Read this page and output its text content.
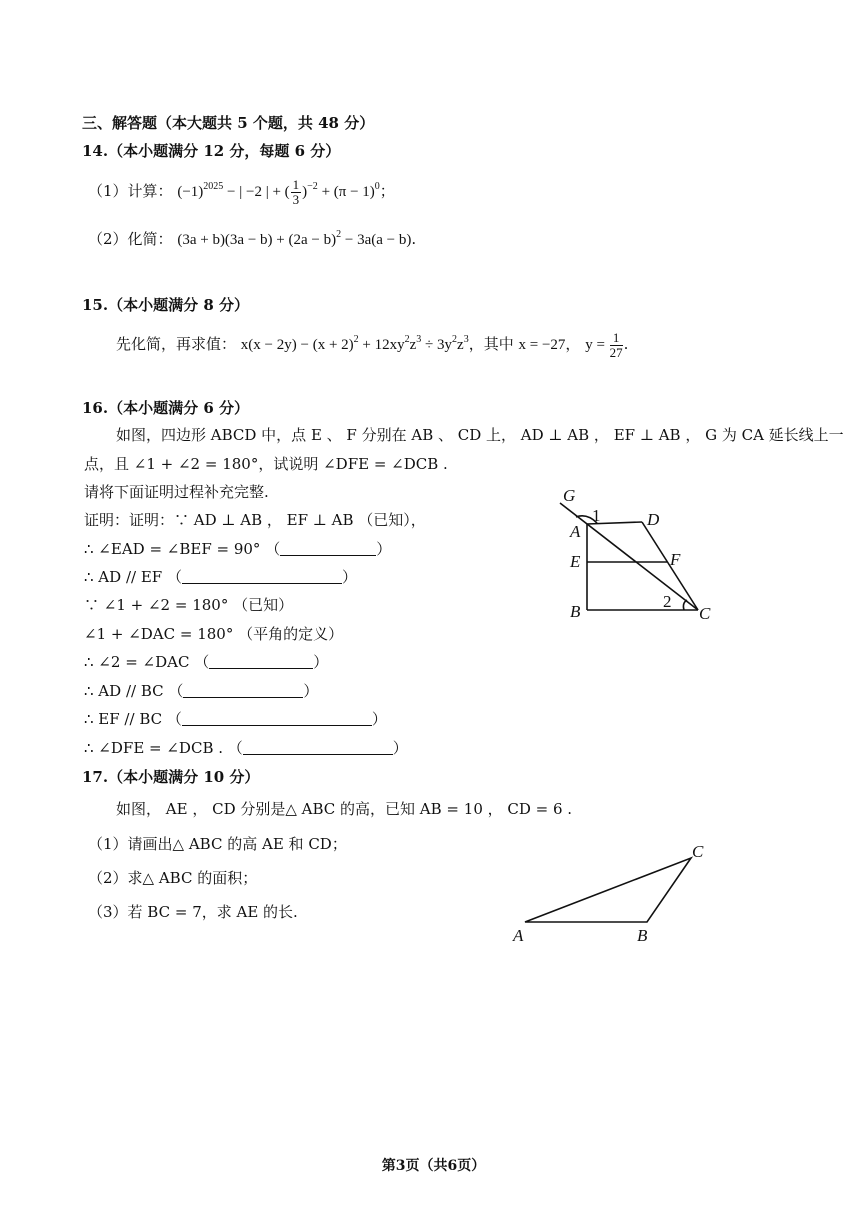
三、解答题（本大题共 5 个题，共 48 分）
14.（本小题满分 12 分，每题 6 分）
（1）计算： $(-1)^{2025}$ − | −2 | + ( $\frac{1}{3} )^{-2} + (\pi - 1)^0$；
（2）化简： $(3a + b)(3a - b) + (2a - b)^2 - 3a(a - b)$.
15.（本小题满分 8 分）
先化简，再求值： $x(x - 2y) - (x + 2)^2 + 12xy^2z^3 \div 3y^2z^3$，其中 x = −27， $y = \frac{1}{27}$ .
16.（本小题满分 6 分）
如图，四边形 ABCD 中，点 E 、 F 分别在 AB 、 CD 上， AD ⊥ AB ， EF ⊥ AB ， G 为 CA 延长线上一
点，且 ∠1 + ∠2 = 180°，试说明 ∠DFE = ∠DCB .
请将下面证明过程补充完整.
证明：证明：∵ AD ⊥ AB ， EF ⊥ AB （已知），
∴ ∠EAD = ∠BEF = 90° （	）
∴ AD // EF （	）
∵ ∠1 + ∠2 = 180° （已知）
∠1 + ∠DAC = 180° （平角的定义）
∴ ∠2 = ∠DAC （	）
∴ AD // BC （	）
∴ EF // BC （	）
∴ ∠DFE = ∠DCB . （	）
G
1
A
D
E	F
B
2
C
17.（本小题满分 10 分）
如图， AE ， CD 分别是△ ABC 的高，已知 AB = 10 ， CD = 6 .
（1）请画出△ ABC 的高 AE 和 CD；
（2）求△ ABC 的面积；
（3）若 BC = 7，求 AE 的长.
A	B
C
第3页（共6页）
